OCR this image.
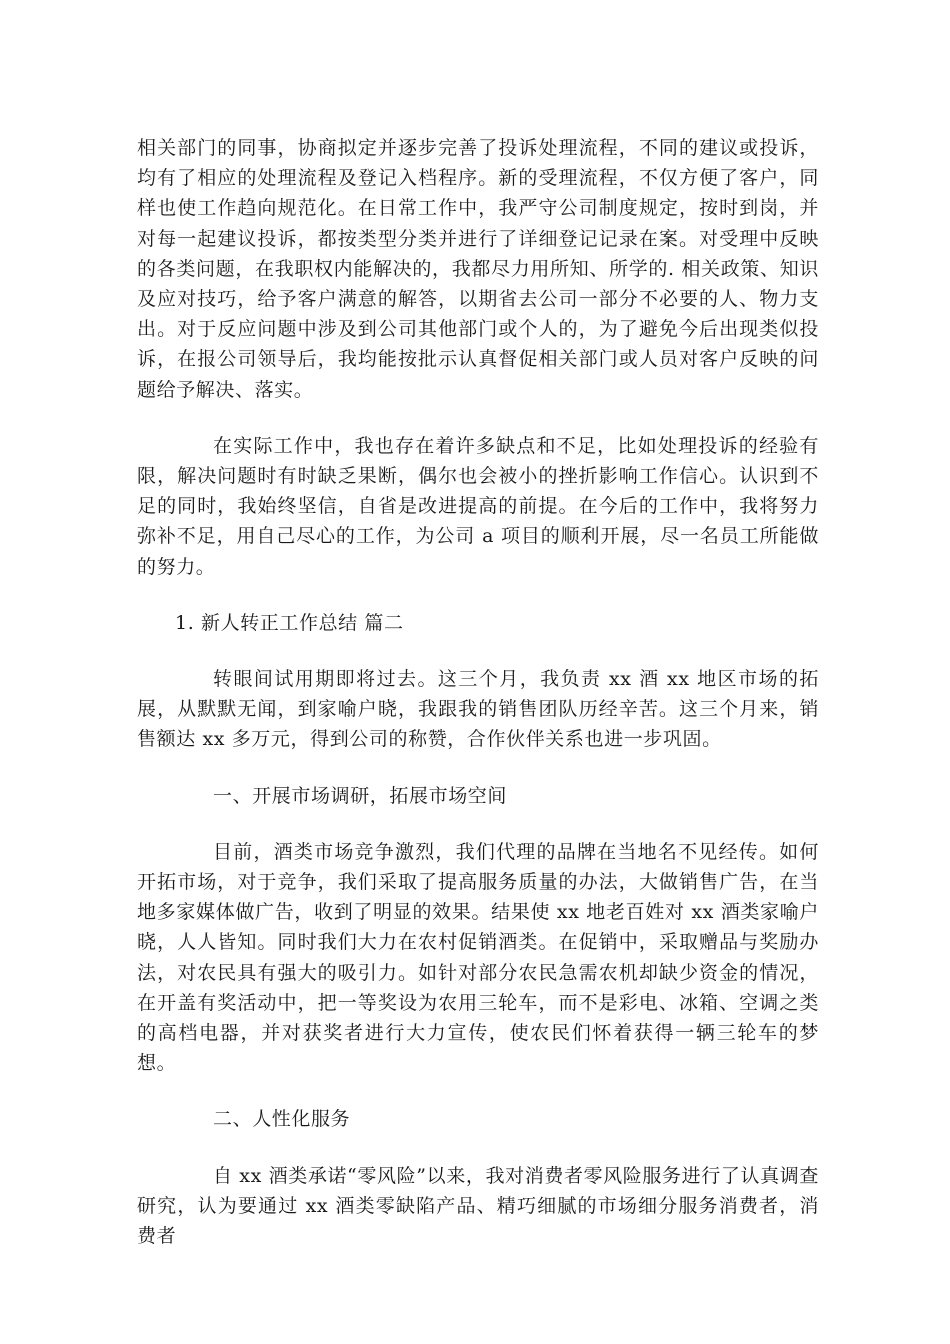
相关部门的同事，协商拟定并逐步完善了投诉处理流程，不同的建议或投诉，均有了相应的处理流程及登记入档程序。新的受理流程，不仅方便了客户，同样也使工作趋向规范化。在日常工作中，我严守公司制度规定，按时到岗，并对每一起建议投诉，都按类型分类并进行了详细登记记录在案。对受理中反映的各类问题，在我职权内能解决的，我都尽力用所知、所学的. 相关政策、知识及应对技巧，给予客户满意的解答，以期省去公司一部分不必要的人、物力支出。对于反应问题中涉及到公司其他部门或个人的，为了避免今后出现类似投诉，在报公司领导后，我均能按批示认真督促相关部门或人员对客户反映的问题给予解决、落实。

在实际工作中，我也存在着许多缺点和不足，比如处理投诉的经验有限，解决问题时有时缺乏果断，偶尔也会被小的挫折影响工作信心。认识到不足的同时，我始终坚信，自省是改进提高的前提。在今后的工作中，我将努力弥补不足，用自己尽心的工作，为公司 a 项目的顺利开展，尽一名员工所能做的努力。

1. 新人转正工作总结 篇二

转眼间试用期即将过去。这三个月，我负责 xx 酒 xx 地区市场的拓展，从默默无闻，到家喻户晓，我跟我的销售团队历经辛苦。这三个月来，销售额达 xx 多万元，得到公司的称赞，合作伙伴关系也进一步巩固。

一、开展市场调研，拓展市场空间

目前，酒类市场竞争激烈，我们代理的品牌在当地名不见经传。如何开拓市场，对于竞争，我们采取了提高服务质量的办法，大做销售广告，在当地多家媒体做广告，收到了明显的效果。结果使 xx 地老百姓对 xx 酒类家喻户晓，人人皆知。同时我们大力在农村促销酒类。在促销中，采取赠品与奖励办法，对农民具有强大的吸引力。如针对部分农民急需农机却缺少资金的情况，在开盖有奖活动中，把一等奖设为农用三轮车，而不是彩电、冰箱、空调之类的高档电器，并对获奖者进行大力宣传，使农民们怀着获得一辆三轮车的梦想。

二、人性化服务

自 xx 酒类承诺“零风险”以来，我对消费者零风险服务进行了认真调查研究，认为要通过 xx 酒类零缺陷产品、精巧细腻的市场细分服务消费者，消费者
